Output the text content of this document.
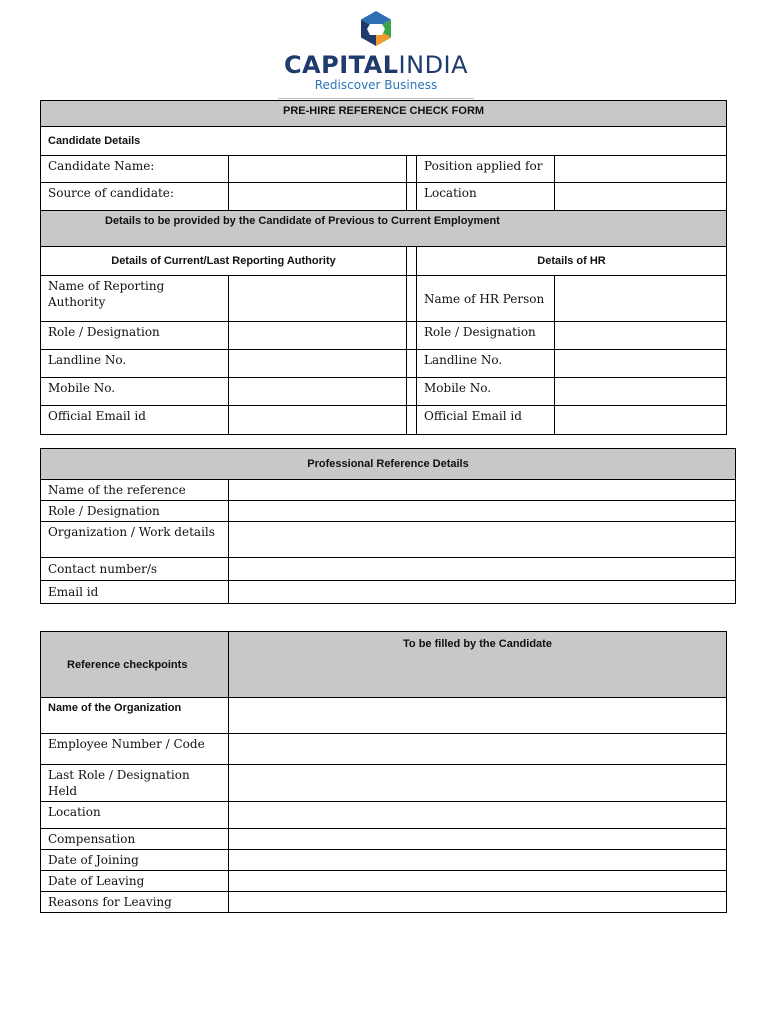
CAPITALINDIA
Rediscover Business
PRE-HIRE REFERENCE CHECK FORM				
Candidate Details				
Candidate Name:			Position applied for	
Source of candidate:			Location	
Details to be provided by the Candidate of Previous to Current Employment				
Details of Current/Last Reporting Authority			Details of HR	
Name of Reporting Authority			Name of HR Person	
Role / Designation			Role / Designation	
Landline No.			Landline No.	
Mobile No.			Mobile No.	
Official Email id			Official Email id	
Professional Reference Details	
Name of the reference	
Role / Designation	
Organization / Work details	
Contact number/s	
Email id	
Reference checkpoints	To be filled by the Candidate
Name of the Organization	
Employee Number / Code	
Last Role / Designation Held	
Location	
Compensation	
Date of Joining	
Date of Leaving	
Reasons for Leaving	
